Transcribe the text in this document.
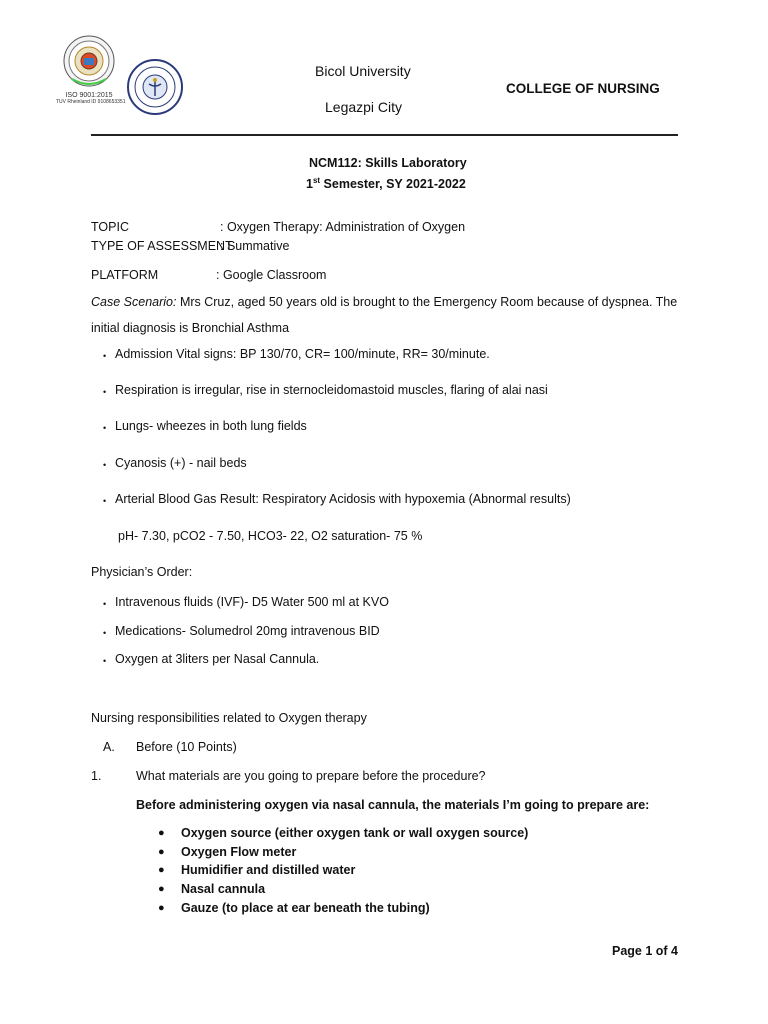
ISO 9001:2015
TUV Rheinland ID 9108653351
Bicol University
Legazpi City
COLLEGE OF NURSING
NCM112: Skills Laboratory
1st Semester, SY 2021-2022
TOPIC	: Oxygen Therapy: Administration of Oxygen
TYPE OF ASSESSMENT
: Summative
PLATFORM	: Google Classroom
Case Scenario: Mrs Cruz, aged 50 years old is brought to the Emergency Room because of dyspnea. The
initial diagnosis is Bronchial Asthma
• Admission Vital signs: BP 130/70, CR= 100/minute, RR= 30/minute.
• Respiration is irregular, rise in sternocleidomastoid muscles, flaring of alai nasi
• Lungs- wheezes in both lung fields
• Cyanosis (+) - nail beds
• Arterial Blood Gas Result: Respiratory Acidosis with hypoxemia (Abnormal results)
pH- 7.30, pCO2 - 7.50, HCO3- 22, O2 saturation- 75 %
Physician’s Order:
• Intravenous fluids (IVF)- D5 Water 500 ml at KVO
• Medications- Solumedrol 20mg intravenous BID
• Oxygen at 3liters per Nasal Cannula.
Nursing responsibilities related to Oxygen therapy
A. Before (10 Points)
1.	What materials are you going to prepare before the procedure?
Before administering oxygen via nasal cannula, the materials I’m going to prepare are:
● Oxygen source (either oxygen tank or wall oxygen source)
● Oxygen Flow meter
● Humidifier and distilled water
● Nasal cannula
● Gauze (to place at ear beneath the tubing)
Page 1 of 4
